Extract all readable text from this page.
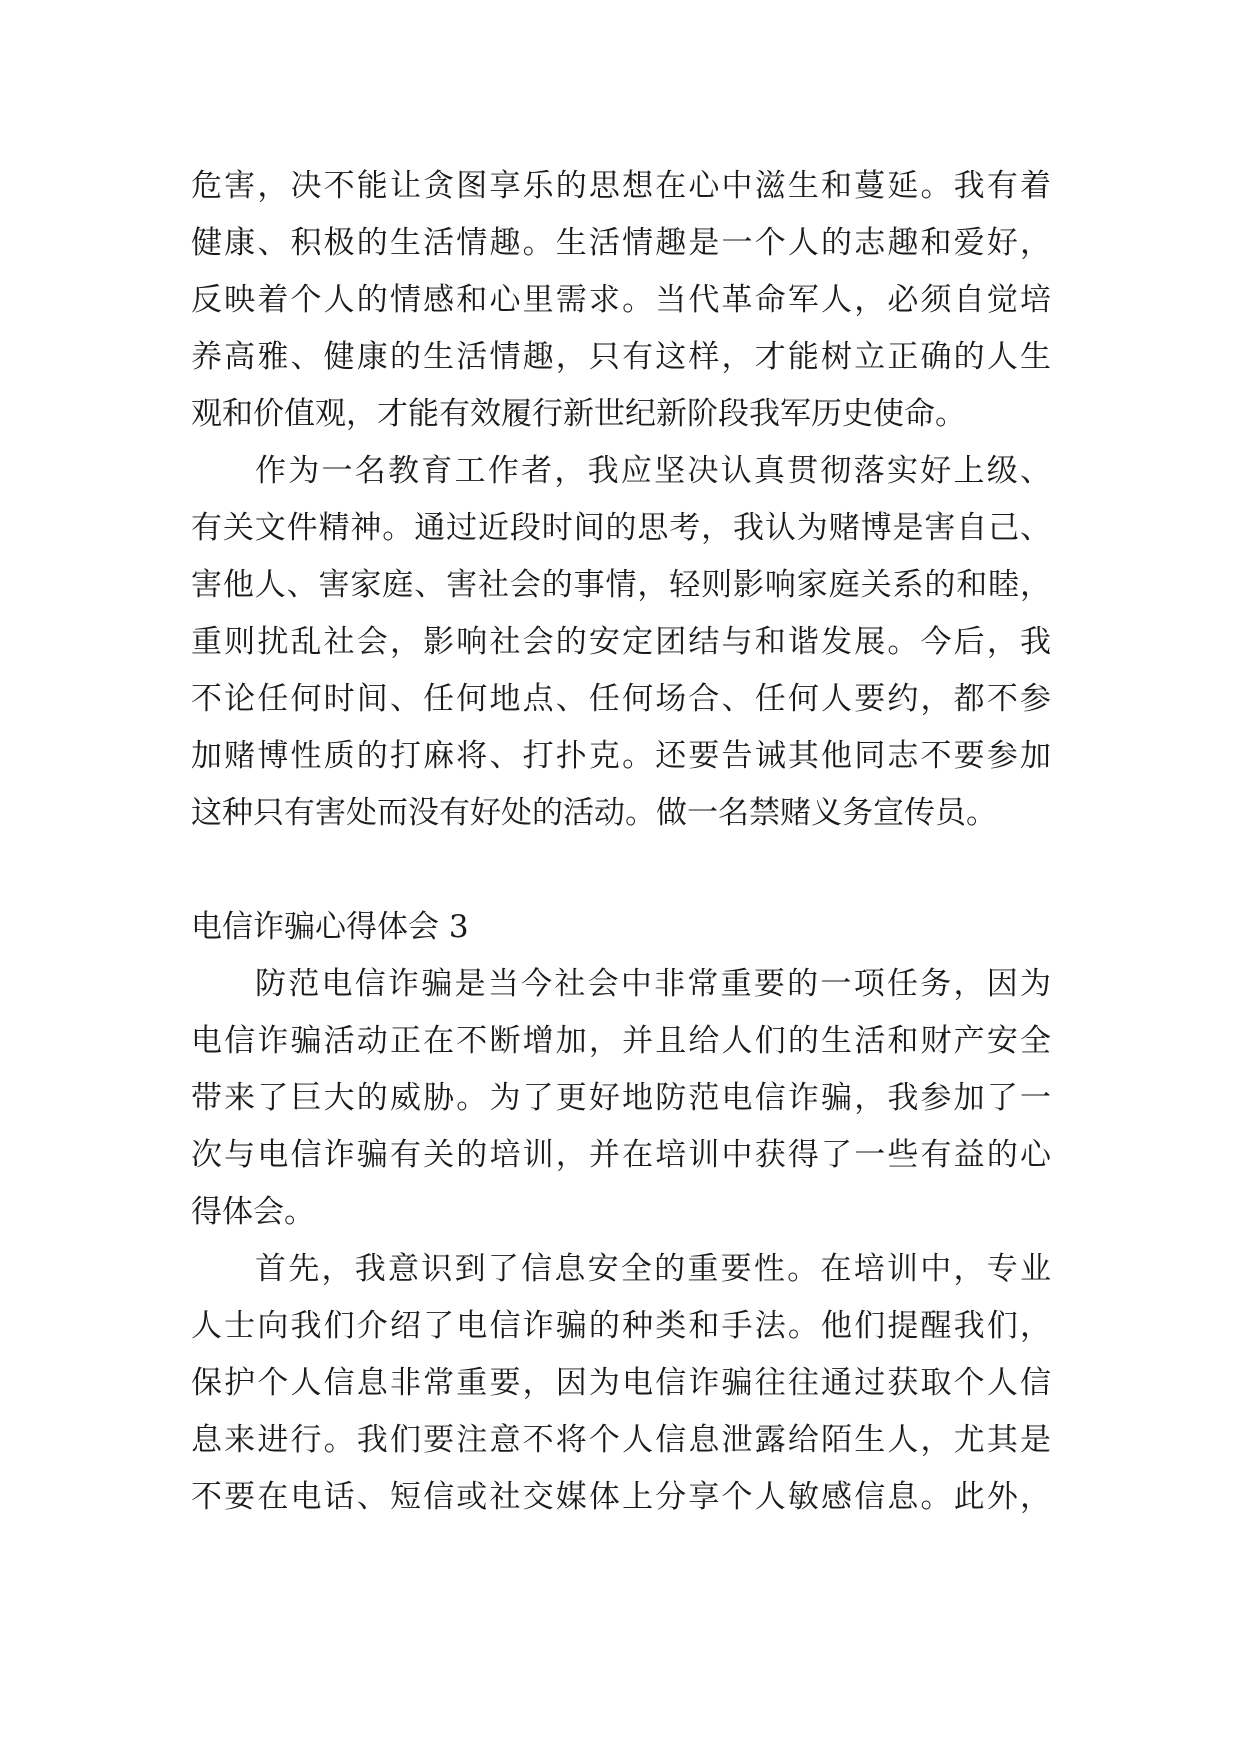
危害，决不能让贪图享乐的思想在心中滋生和蔓延。我有着
健康、积极的生活情趣。生活情趣是一个人的志趣和爱好，
反映着个人的情感和心里需求。当代革命军人，必须自觉培
养高雅、健康的生活情趣，只有这样，才能树立正确的人生
观和价值观，才能有效履行新世纪新阶段我军历史使命。
作为一名教育工作者，我应坚决认真贯彻落实好上级、
有关文件精神。通过近段时间的思考，我认为赌博是害自己、
害他人、害家庭、害社会的事情，轻则影响家庭关系的和睦，
重则扰乱社会，影响社会的安定团结与和谐发展。今后，我
不论任何时间、任何地点、任何场合、任何人要约，都不参
加赌博性质的打麻将、打扑克。还要告诫其他同志不要参加
这种只有害处而没有好处的活动。做一名禁赌义务宣传员。
电信诈骗心得体会 3
防范电信诈骗是当今社会中非常重要的一项任务，因为
电信诈骗活动正在不断增加，并且给人们的生活和财产安全
带来了巨大的威胁。为了更好地防范电信诈骗，我参加了一
次与电信诈骗有关的培训，并在培训中获得了一些有益的心
得体会。
首先，我意识到了信息安全的重要性。在培训中，专业
人士向我们介绍了电信诈骗的种类和手法。他们提醒我们，
保护个人信息非常重要，因为电信诈骗往往通过获取个人信
息来进行。我们要注意不将个人信息泄露给陌生人，尤其是
不要在电话、短信或社交媒体上分享个人敏感信息。此外，
